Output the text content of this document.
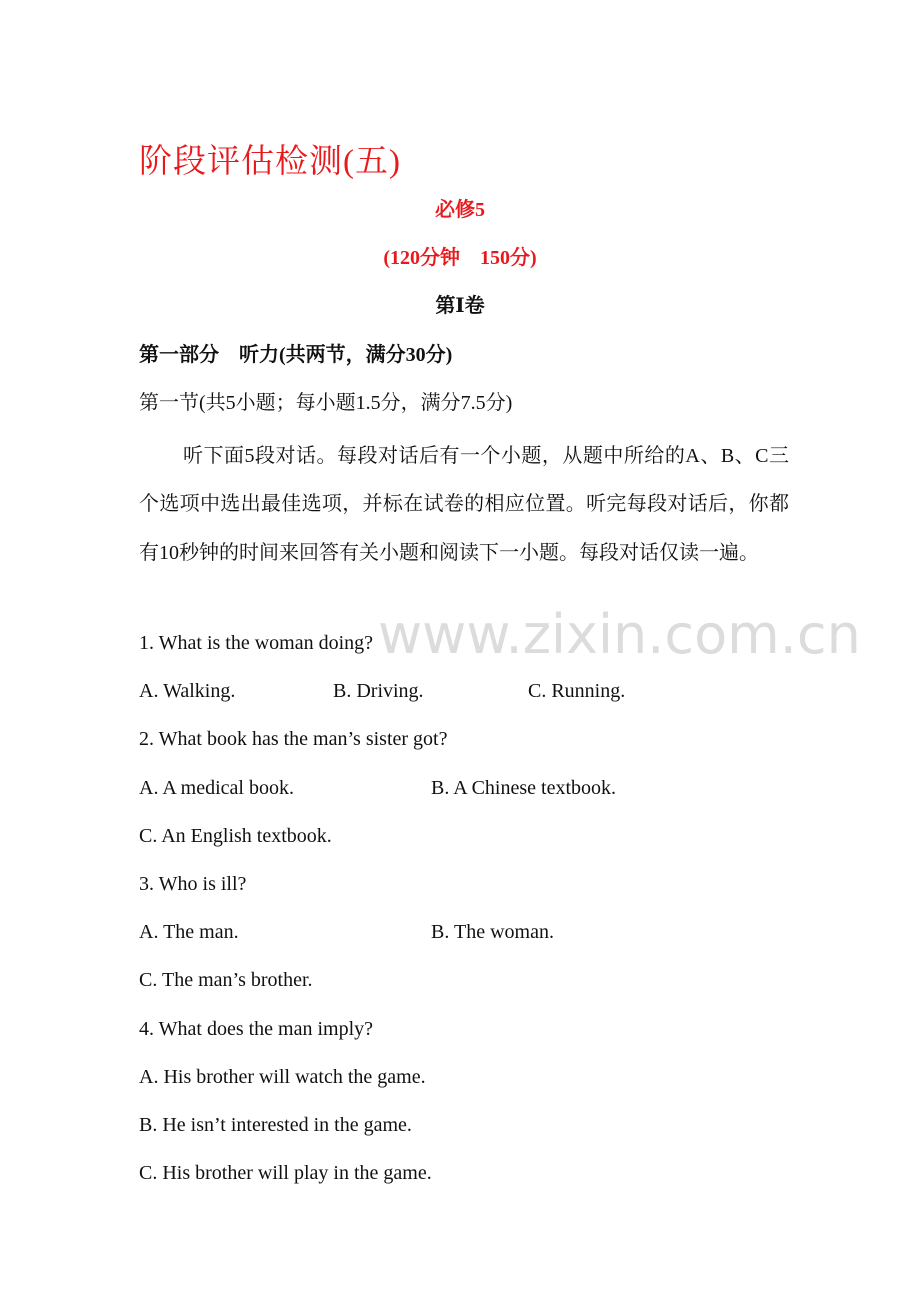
www.zixin.com.cn
阶段评估检测(五)
必修5
(120分钟　150分)
第Ⅰ卷
第一部分　听力(共两节，满分30分)
第一节(共5小题；每小题1.5分，满分7.5分)
听下面5段对话。每段对话后有一个小题，从题中所给的A、B、C三个选项中选出最佳选项，并标在试卷的相应位置。听完每段对话后，你都有10秒钟的时间来回答有关小题和阅读下一小题。每段对话仅读一遍。
1. What is the woman doing?
A. Walking.	B. Driving.	C. Running.
2. What book has the man’s sister got?
A. A medical book.	B. A Chinese textbook.
C. An English textbook.
3. Who is ill?
A. The man.	B. The woman.
C. The man’s brother.
4. What does the man imply?
A. His brother will watch the game.
B. He isn’t interested in the game.
C. His brother will play in the game.
